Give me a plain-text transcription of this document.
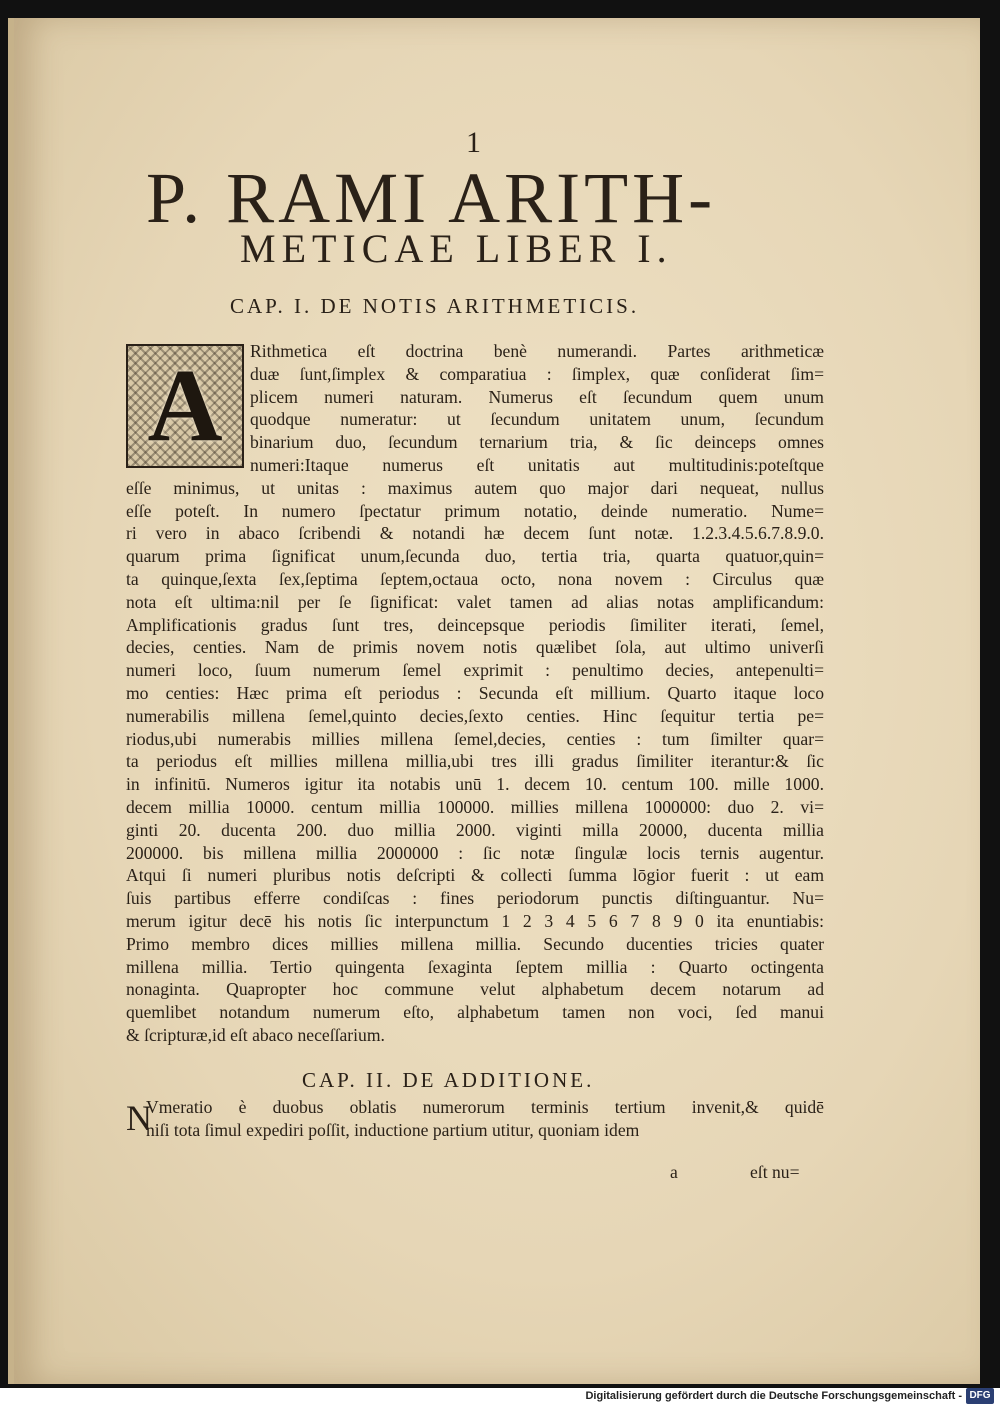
1

P. RAMI ARITH-
METICAE LIBER I.
CAP. I. DE NOTIS ARITHMETICIS.
A	Rithmetica eſt doctrina benè numerandi. Partes arithmeticæ
duæ ſunt,ſimplex & comparatiua : ſimplex, quæ conſiderat ſim=
plicem numeri naturam. Numerus eſt ſecundum quem unum
quodque numeratur: ut ſecundum unitatem unum, ſecundum
binarium duo, ſecundum ternarium tria, & ſic deinceps omnes
numeri:Itaque numerus eſt unitatis aut multitudinis:poteſtque
eſſe minimus, ut unitas : maximus autem quo major dari nequeat, nullus
eſſe poteſt. In numero ſpectatur primum notatio, deinde numeratio. Nume=
ri vero in abaco ſcribendi & notandi hæ decem ſunt notæ. 1.2.3.4.5.6.7.8.9.0.
quarum prima ſignificat unum,ſecunda duo, tertia tria, quarta quatuor,quin=
ta quinque,ſexta ſex,ſeptima ſeptem,octaua octo, nona novem : Circulus quæ
nota eſt ultima:nil per ſe ſignificat: valet tamen ad alias notas amplificandum:
Amplificationis gradus ſunt tres, deincepsque periodis ſimiliter iterati, ſemel,
decies, centies. Nam de primis novem notis quælibet ſola, aut ultimo univerſi
numeri loco, ſuum numerum ſemel exprimit : penultimo decies, antepenulti=
mo centies: Hæc prima eſt periodus : Secunda eſt millium. Quarto itaque loco
numerabilis millena ſemel,quinto decies,ſexto centies. Hinc ſequitur tertia pe=
riodus,ubi numerabis millies millena ſemel,decies, centies : tum ſimilter quar=
ta periodus eſt millies millena millia,ubi tres illi gradus ſimiliter iterantur:& ſic
in infinitū. Numeros igitur ita notabis unū 1. decem 10. centum 100. mille 1000.
decem millia 10000. centum millia 100000. millies millena 1000000: duo 2. vi=
ginti 20. ducenta 200. duo millia 2000. viginti milla 20000, ducenta millia
200000. bis millena millia 2000000 : ſic notæ ſingulæ locis ternis augentur.
Atqui ſi numeri pluribus notis deſcripti & collecti ſumma lōgior fuerit : ut eam
ſuis partibus efferre condiſcas : fines periodorum punctis diſtinguantur. Nu=
merum igitur decē his notis ſic interpunctum 1 2 3 4 5 6 7 8 9 0 ita enuntiabis:
Primo membro dices millies millena millia. Secundo ducenties tricies quater
millena millia. Tertio quingenta ſexaginta ſeptem millia : Quarto octingenta
nonaginta. Quapropter hoc commune velut alphabetum decem notarum ad
quemlibet notandum numerum eſto, alphabetum tamen non voci, ſed manui
& ſcripturæ,id eſt abaco neceſſarium.
CAP. II. DE ADDITIONE.
N
Vmeratio è duobus oblatis numerorum terminis tertium invenit,& quidē
niſi tota ſimul expediri poſſit, inductione partium utitur, quoniam idem

a	eſt nu=

Digitalisierung gefördert durch die Deutsche Forschungsgemeinschaft - DFG
